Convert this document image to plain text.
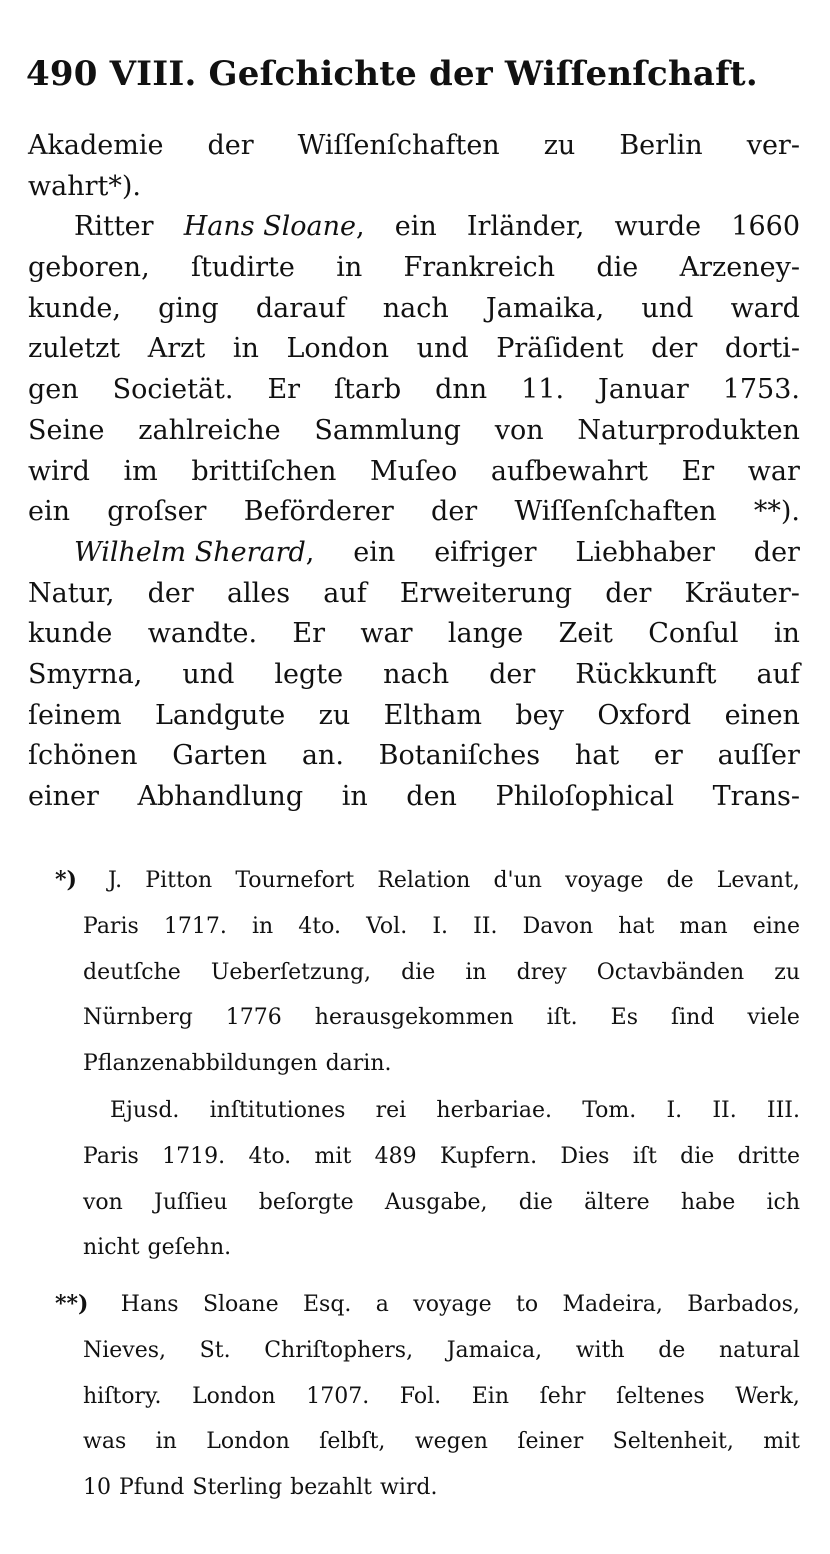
490 VIII. Geſchichte der Wiſſenſchaft.
Akademie der Wiſſenſchaften zu Berlin ver-
wahrt*).
Ritter Hans Sloane, ein Irländer, wurde 1660
geboren, ſtudirte in Frankreich die Arzeney-
kunde, ging darauf nach Jamaika, und ward
zuletzt Arzt in London und Präſident der dorti-
gen Societät. Er ſtarb dnn 11. Januar 1753.
Seine zahlreiche Sammlung von Naturprodukten
wird im brittiſchen Muſeo aufbewahrt Er war
ein groſser Beförderer der Wiſſenſchaften **).
Wilhelm Sherard, ein eifriger Liebhaber der
Natur, der alles auf Erweiterung der Kräuter-
kunde wandte. Er war lange Zeit Conſul in
Smyrna, und legte nach der Rückkunft auf
ſeinem Landgute zu Eltham bey Oxford einen
ſchönen Garten an. Botaniſches hat er auſſer
einer Abhandlung in den Philoſophical Trans-
*) J. Pitton Tournefort Relation d'un voyage de Levant,
Paris 1717. in 4to. Vol. I. II. Davon hat man eine
deutſche Ueberſetzung, die in drey Octavbänden zu
Nürnberg 1776 herausgekommen iſt. Es ſind viele
Pflanzenabbildungen darin.
Ejusd. inſtitutiones rei herbariae. Tom. I. II. III.
Paris 1719. 4to. mit 489 Kupfern. Dies iſt die dritte
von Juſſieu beſorgte Ausgabe, die ältere habe ich
nicht geſehn.
**) Hans Sloane Esq. a voyage to Madeira, Barbados,
Nieves, St. Chriſtophers, Jamaica, with de natural
hiſtory. London 1707. Fol. Ein ſehr ſeltenes Werk,
was in London ſelbſt, wegen ſeiner Seltenheit, mit
10 Pfund Sterling bezahlt wird.
